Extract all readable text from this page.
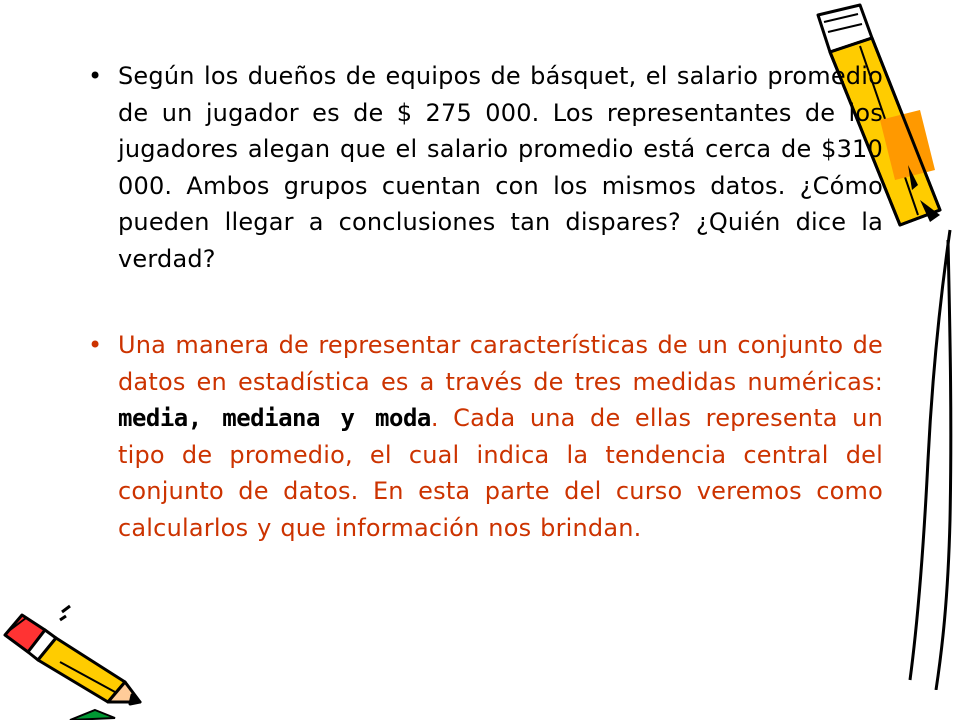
• Según los dueños de equipos de básquet, el salario promedio de un jugador es de $ 275 000. Los representantes de los jugadores alegan que el salario promedio está cerca de $310 000. Ambos grupos cuentan con los mismos datos. ¿Cómo pueden llegar a conclusiones tan dispares? ¿Quién dice la verdad?

• Una manera de representar características de un conjunto de datos en estadística es a través de tres medidas numéricas: media, mediana y moda. Cada una de ellas representa un tipo de promedio, el cual indica la tendencia central del conjunto de datos. En esta parte del curso veremos como calcularlos y que información nos brindan.
